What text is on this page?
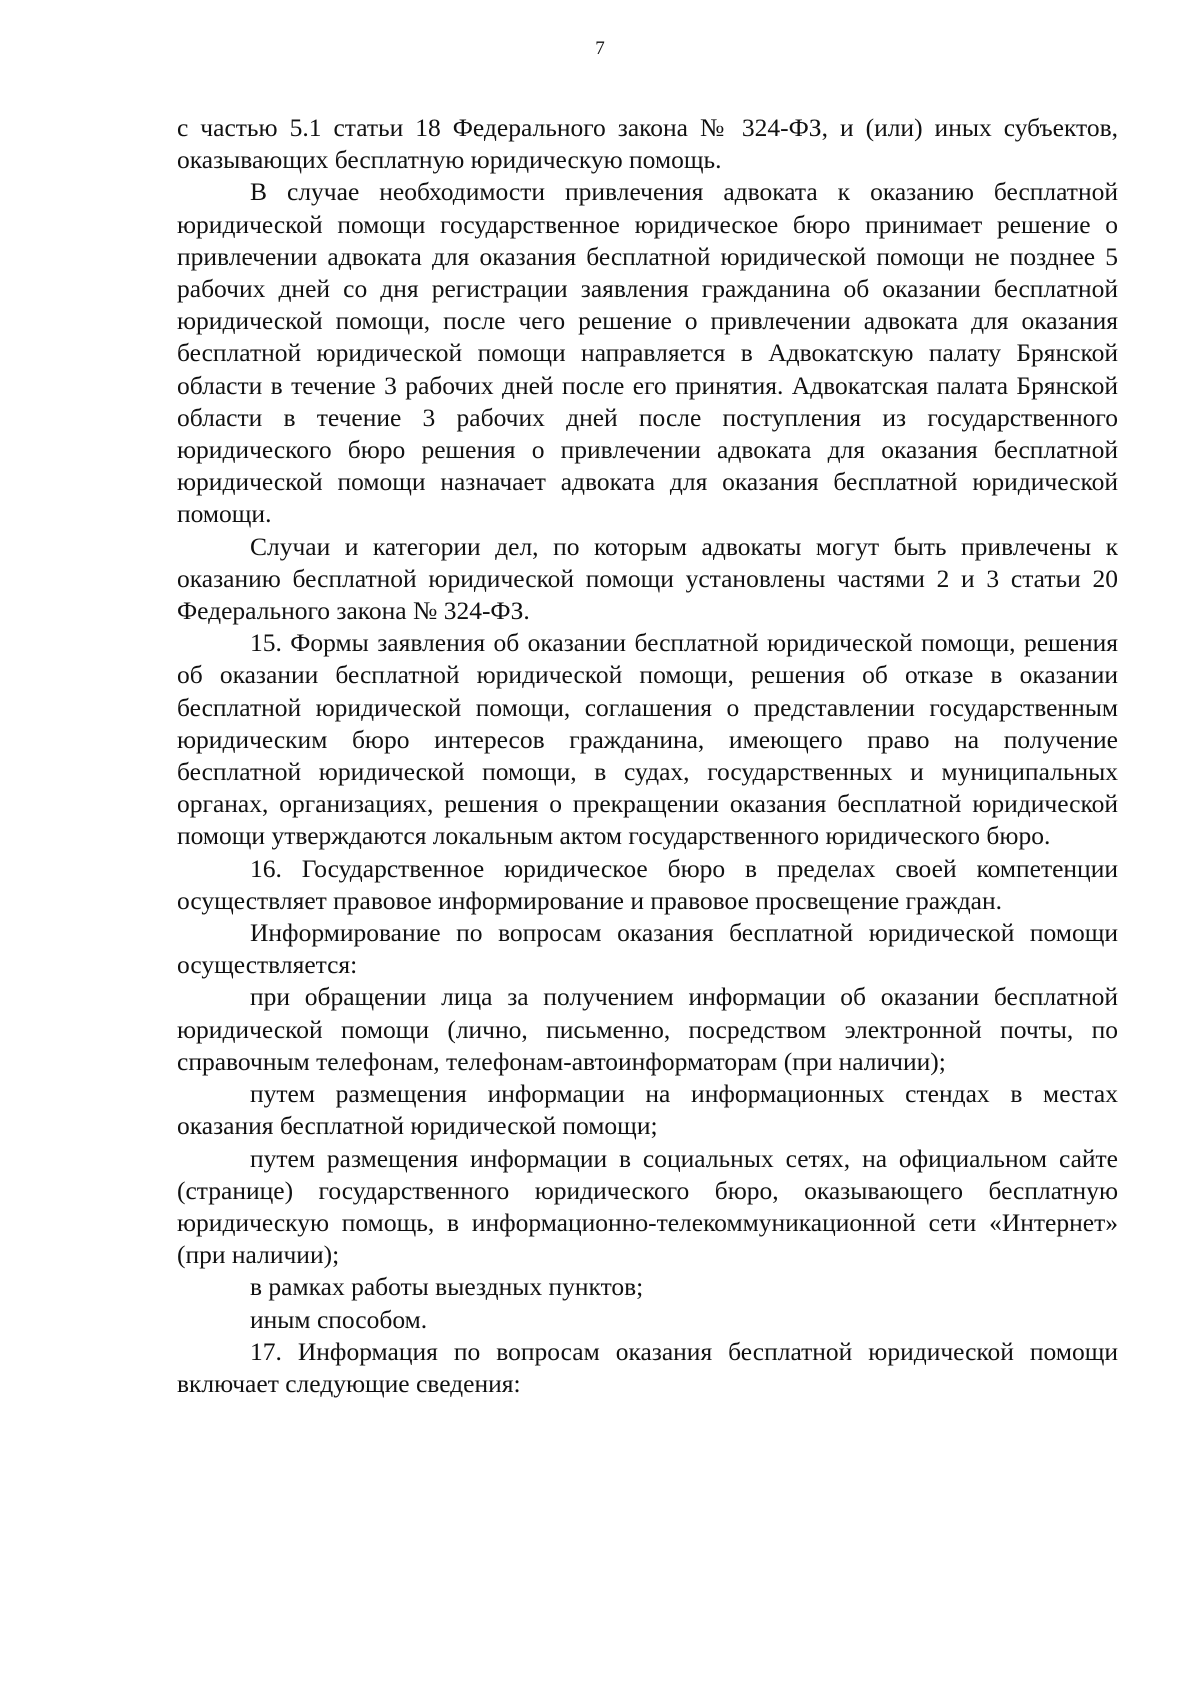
7

с частью 5.1 статьи 18 Федерального закона № 324-ФЗ, и (или) иных субъектов, оказывающих бесплатную юридическую помощь.

В случае необходимости привлечения адвоката к оказанию бесплатной юридической помощи государственное юридическое бюро принимает решение о привлечении адвоката для оказания бесплатной юридической помощи не позднее 5 рабочих дней со дня регистрации заявления гражданина об оказании бесплатной юридической помощи, после чего решение о привлечении адвоката для оказания бесплатной юридической помощи направляется в Адвокатскую палату Брянской области в течение 3 рабочих дней после его принятия. Адвокатская палата Брянской области в течение 3 рабочих дней после поступления из государственного юридического бюро решения о привлечении адвоката для оказания бесплатной юридической помощи назначает адвоката для оказания бесплатной юридической помощи.

Случаи и категории дел, по которым адвокаты могут быть привлечены к оказанию бесплатной юридической помощи установлены частями 2 и 3 статьи 20 Федерального закона № 324-ФЗ.

15. Формы заявления об оказании бесплатной юридической помощи, решения об оказании бесплатной юридической помощи, решения об отказе в оказании бесплатной юридической помощи, соглашения о представлении государственным юридическим бюро интересов гражданина, имеющего право на получение бесплатной юридической помощи, в судах, государственных и муниципальных органах, организациях, решения о прекращении оказания бесплатной юридической помощи утверждаются локальным актом государственного юридического бюро.

16. Государственное юридическое бюро в пределах своей компетенции осуществляет правовое информирование и правовое просвещение граждан.

Информирование по вопросам оказания бесплатной юридической помощи осуществляется:

при обращении лица за получением информации об оказании бесплатной юридической помощи (лично, письменно, посредством электронной почты, по справочным телефонам, телефонам-автоинформаторам (при наличии);

путем размещения информации на информационных стендах в местах оказания бесплатной юридической помощи;

путем размещения информации в социальных сетях, на официальном сайте (странице) государственного юридического бюро, оказывающего бесплатную юридическую помощь, в информационно-телекоммуникационной сети «Интернет» (при наличии);

в рамках работы выездных пунктов;

иным способом.

17. Информация по вопросам оказания бесплатной юридической помощи включает следующие сведения:
